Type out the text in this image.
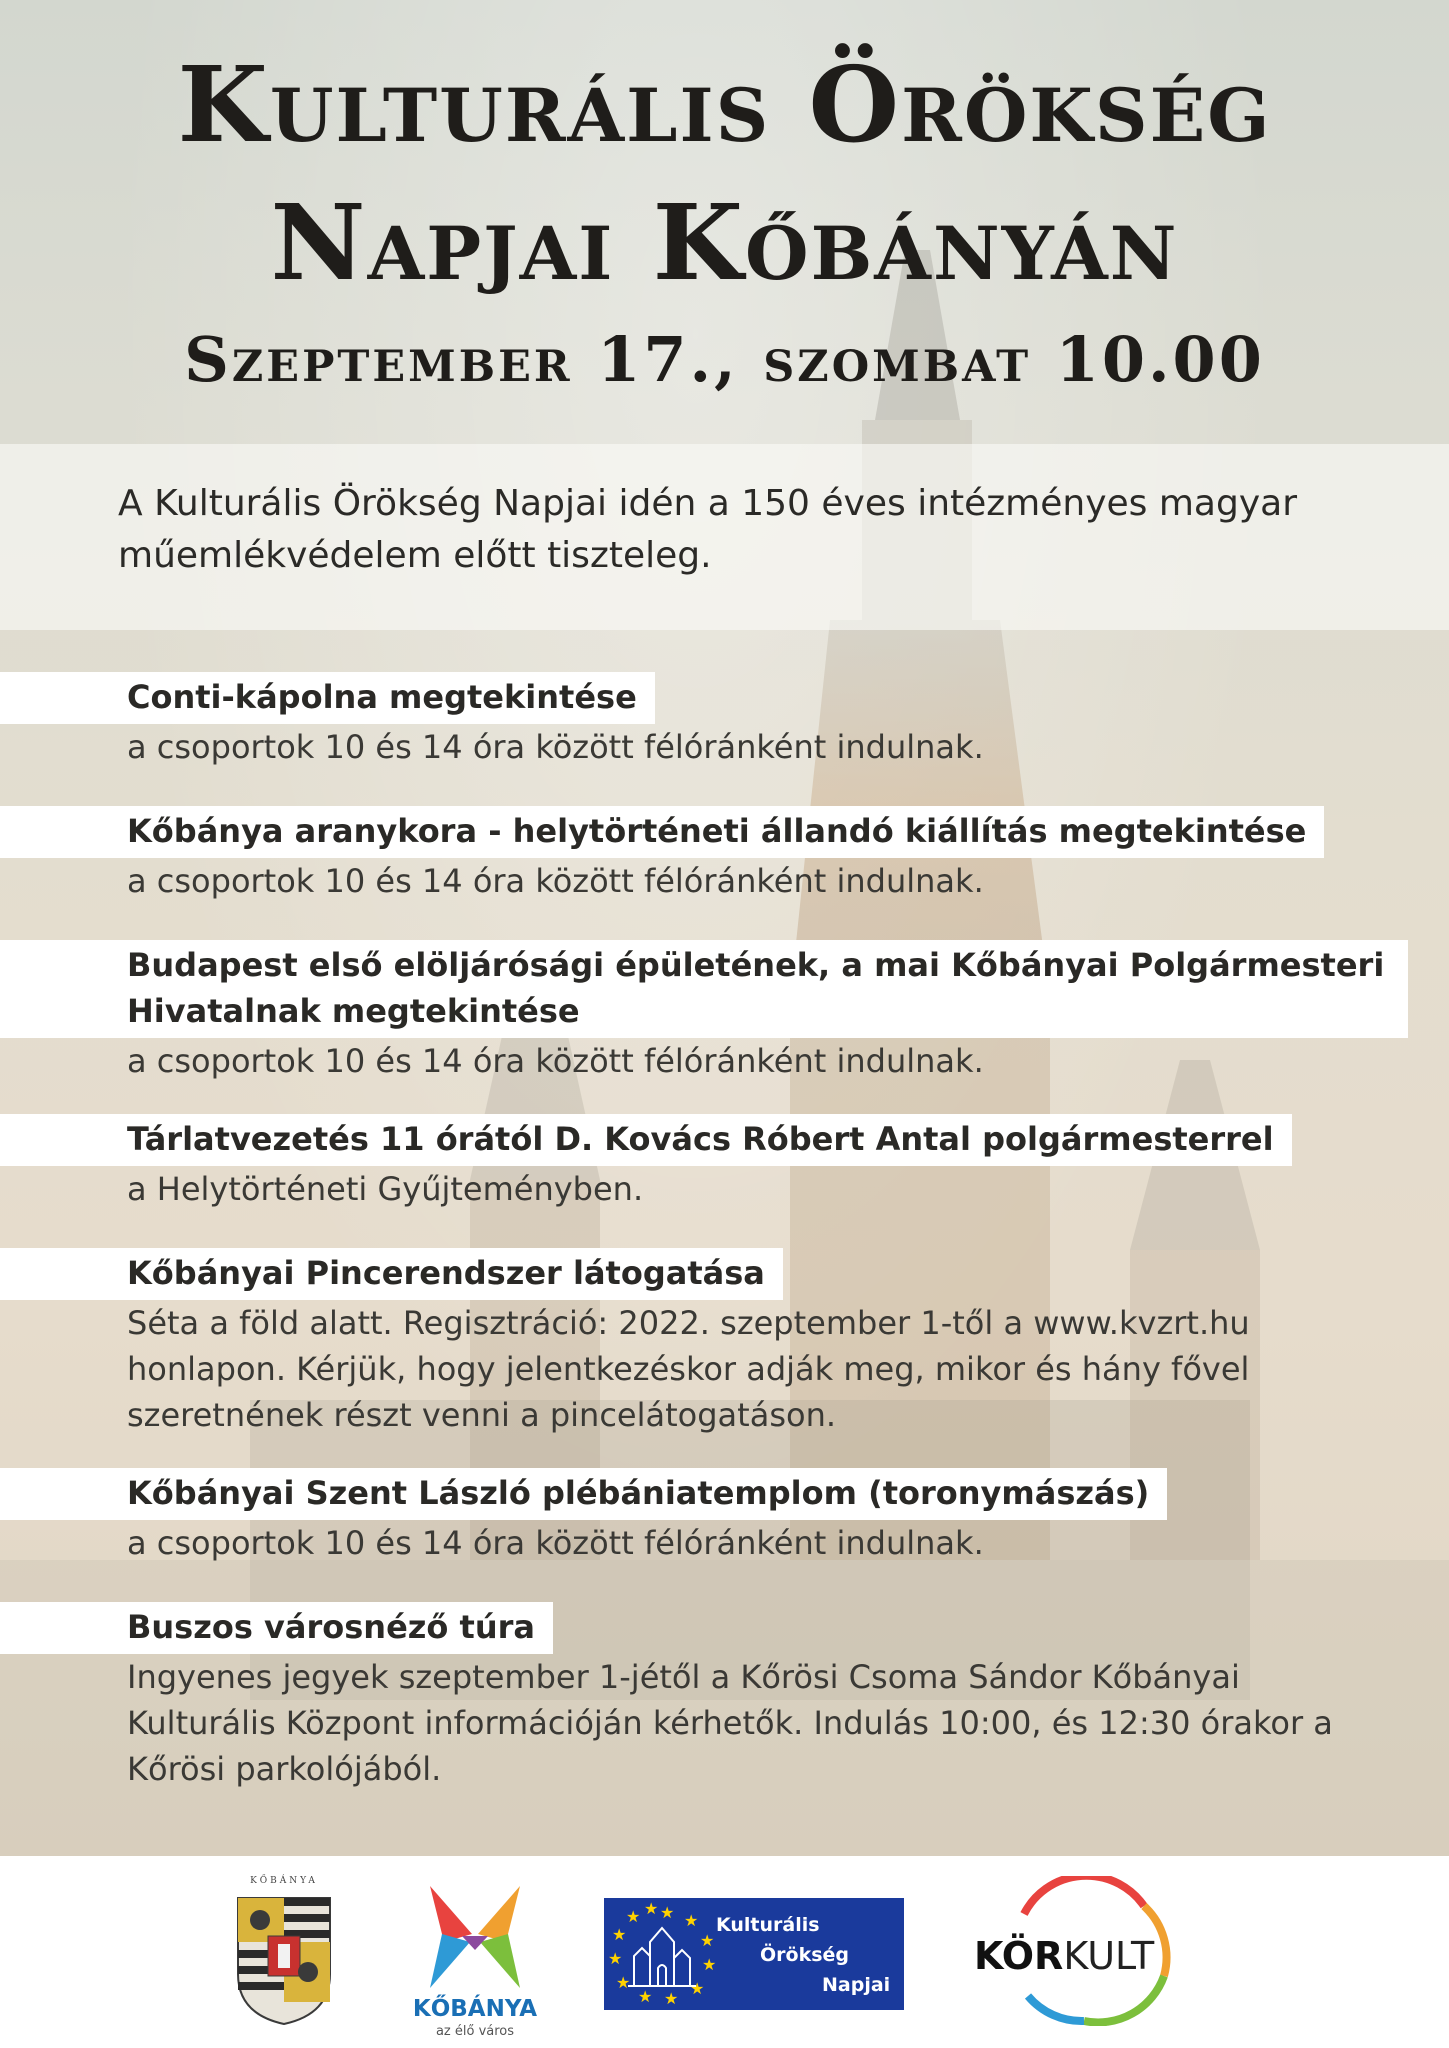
Kulturális Örökség
Napjai Kőbányán
Szeptember 17., szombat 10.00

A Kulturális Örökség Napjai idén a 150 éves intézményes magyar műemlékvédelem előtt tiszteleg.

Conti-kápolna megtekintése

a csoportok 10 és 14 óra között félóránként indulnak.

Kőbánya aranykora - helytörténeti állandó kiállítás megtekintése

a csoportok 10 és 14 óra között félóránként indulnak.

Budapest első elöljárósági épületének, a mai Kőbányai Polgármesteri Hivatalnak megtekintése

a csoportok 10 és 14 óra között félóránként indulnak.

Tárlatvezetés 11 órától D. Kovács Róbert Antal polgármesterrel

a Helytörténeti Gyűjteményben.

Kőbányai Pincerendszer látogatása

Séta a föld alatt. Regisztráció: 2022. szeptember 1-től a www.kvzrt.hu honlapon. Kérjük, hogy jelentkezéskor adják meg, mikor és hány fővel szeretnének részt venni a pincelátogatáson.

Kőbányai Szent László plébániatemplom (toronymászás)

a csoportok 10 és 14 óra között félóránként indulnak.

Buszos városnéző túra

Ingyenes jegyek szeptember 1-jétől a Kőrösi Csoma Sándor Kőbányai Kulturális Központ információján kérhetők. Indulás 10:00, és 12:30 órakor a Kőrösi parkolójából.

KŐBÁNYA
KŐBÁNYA
az élő város
★ ★
★
★
★
★
★
★
★
★
★ ★
Kulturális
Örökség
Napjai
KÖRKULT
